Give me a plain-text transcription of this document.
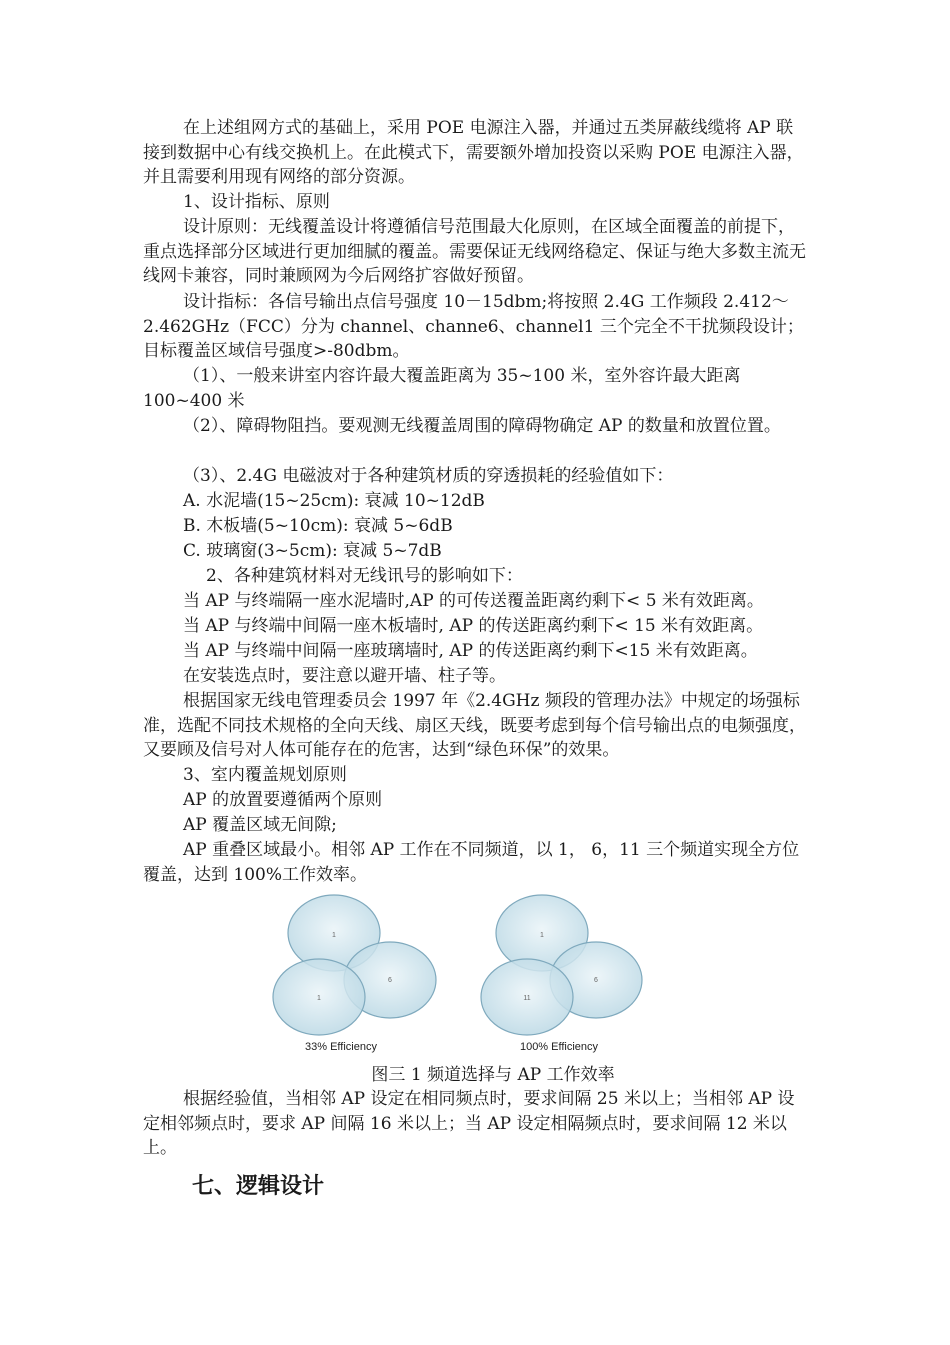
在上述组网方式的基础上，采用 POE 电源注入器，并通过五类屏蔽线缆将 AP 联接到数据中心有线交换机上。在此模式下，需要额外增加投资以采购 POE 电源注入器，并且需要利用现有网络的部分资源。

1、设计指标、原则

设计原则：无线覆盖设计将遵循信号范围最大化原则，在区域全面覆盖的前提下，重点选择部分区域进行更加细腻的覆盖。需要保证无线网络稳定、保证与绝大多数主流无线网卡兼容，同时兼顾网为今后网络扩容做好预留。

设计指标：各信号输出点信号强度 10－15dbm;将按照 2.4G 工作频段 2.412～2.462GHz（FCC）分为 channel、channe6、channel1 三个完全不干扰频段设计；目标覆盖区域信号强度>-80dbm。

（1）、一般来讲室内容许最大覆盖距离为 35~100 米，室外容许最大距离 100~400 米

（2）、障碍物阻挡。要观测无线覆盖周围的障碍物确定 AP 的数量和放置位置。

（3）、2.4G 电磁波对于各种建筑材质的穿透损耗的经验值如下：

A. 水泥墙(15~25cm): 衰减 10~12dB

B. 木板墙(5~10cm): 衰减 5~6dB

C. 玻璃窗(3~5cm): 衰减 5~7dB

2、各种建筑材料对无线讯号的影响如下：

当 AP 与终端隔一座水泥墙时,AP 的可传送覆盖距离约剩下< 5 米有效距离。

当 AP 与终端中间隔一座木板墙时, AP 的传送距离约剩下< 15 米有效距离。

当 AP 与终端中间隔一座玻璃墙时, AP 的传送距离约剩下<15 米有效距离。

在安装选点时，要注意以避开墙、柱子等。

根据国家无线电管理委员会 1997 年《2.4GHz 频段的管理办法》中规定的场强标准，选配不同技术规格的全向天线、扇区天线，既要考虑到每个信号输出点的电频强度，又要顾及信号对人体可能存在的危害，达到“绿色环保”的效果。

3、室内覆盖规划原则

AP 的放置要遵循两个原则

AP 覆盖区域无间隙;

AP 重叠区域最小。相邻 AP 工作在不同频道，以 1， 6，11 三个频道实现全方位覆盖，达到 100%工作效率。

1
1
6
33% Efficiency
1
11
6
100% Efficiency
图三 1 频道选择与 AP 工作效率

根据经验值，当相邻 AP 设定在相同频点时，要求间隔 25 米以上；当相邻 AP 设定相邻频点时，要求 AP 间隔 16 米以上；当 AP 设定相隔频点时，要求间隔 12 米以上。

七、逻辑设计
